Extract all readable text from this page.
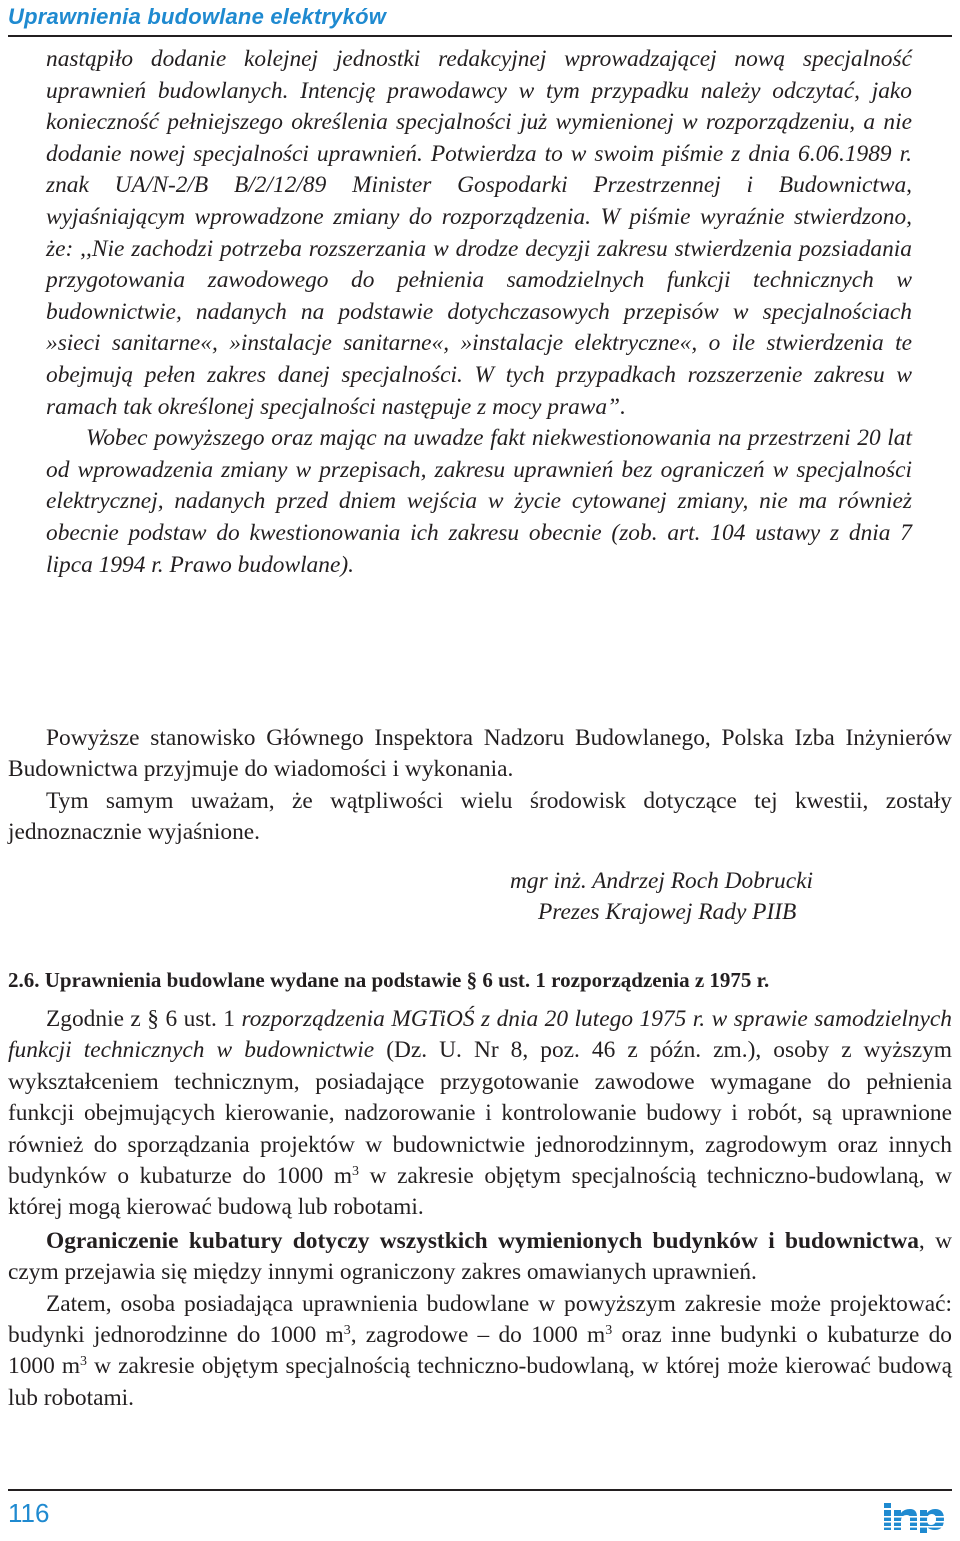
Uprawnienia budowlane elektryków

nastąpiło dodanie kolejnej jednostki redakcyjnej wprowadzającej nową specjalność uprawnień budowlanych. Intencję prawodawcy w tym przypadku należy odczytać, jako konieczność pełniejszego określenia specjalności już wymienionej w rozporządzeniu, a nie dodanie nowej specjalności uprawnień. Potwierdza to w swoim piśmie z dnia 6.06.1989 r. znak UA/N-2/B B/2/12/89 Minister Gospodarki Przestrzennej i Budownictwa, wyjaśniającym wprowadzone zmiany do rozporządzenia. W piśmie wyraźnie stwierdzono, że: ,,Nie zachodzi potrzeba rozszerzania w drodze decyzji zakresu stwierdzenia pozsiadania przygotowania zawodowego do pełnienia samodzielnych funkcji technicznych w budownictwie, nadanych na podstawie dotychczasowych przepisów w specjalnościach »sieci sanitarne«, »instalacje sanitarne«, »instalacje elektryczne«, o ile stwierdzenia te obejmują pełen zakres danej specjalności. W tych przypadkach rozszerzenie zakresu w ramach tak określonej specjalności następuje z mocy prawa”.

Wobec powyższego oraz mając na uwadze fakt niekwestionowania na przestrzeni 20 lat od wprowadzenia zmiany w przepisach, zakresu uprawnień bez ograniczeń w specjalności elektrycznej, nadanych przed dniem wejścia w życie cytowanej zmiany, nie ma również obecnie podstaw do kwestionowania ich zakresu obecnie (zob. art. 104 ustawy z dnia 7 lipca 1994 r. Prawo budowlane).

Powyższe stanowisko Głównego Inspektora Nadzoru Budowlanego, Polska Izba Inżynierów Budownictwa przyjmuje do wiadomości i wykonania.

Tym samym uważam, że wątpliwości wielu środowisk dotyczące tej kwestii, zostały jednoznacznie wyjaśnione.

mgr inż. Andrzej Roch Dobrucki
Prezes Krajowej Rady PIIB
2.6. Uprawnienia budowlane wydane na podstawie § 6 ust. 1 rozporządzenia z 1975 r.

Zgodnie z § 6 ust. 1 rozporządzenia MGTiOŚ z dnia 20 lutego 1975 r. w sprawie samodzielnych funkcji technicznych w budownictwie (Dz. U. Nr 8, poz. 46 z późn. zm.), osoby z wyższym wykształceniem technicznym, posiadające przygotowanie zawodowe wymagane do pełnienia funkcji obejmujących kierowanie, nadzorowanie i kontrolowanie budowy i robót, są uprawnione również do sporządzania projektów w budownictwie jednorodzinnym, zagrodowym oraz innych budynków o kubaturze do 1000 $m^3$ w zakresie objętym specjalnością techniczno-budowlaną, w której mogą kierować budową lub robotami.

Ograniczenie kubatury dotyczy wszystkich wymienionych budynków i budownictwa, w czym przejawia się między innymi ograniczony zakres omawianych uprawnień.

Zatem, osoba posiadająca uprawnienia budowlane w powyższym zakresie może projektować: budynki jednorodzinne do 1000 $m^3$, zagrodowe – do 1000 $m^3$ oraz inne budynki o kubaturze do 1000 $m^3$ w zakresie objętym specjalnością techniczno-budowlaną, w której może kierować budową lub robotami.

116
